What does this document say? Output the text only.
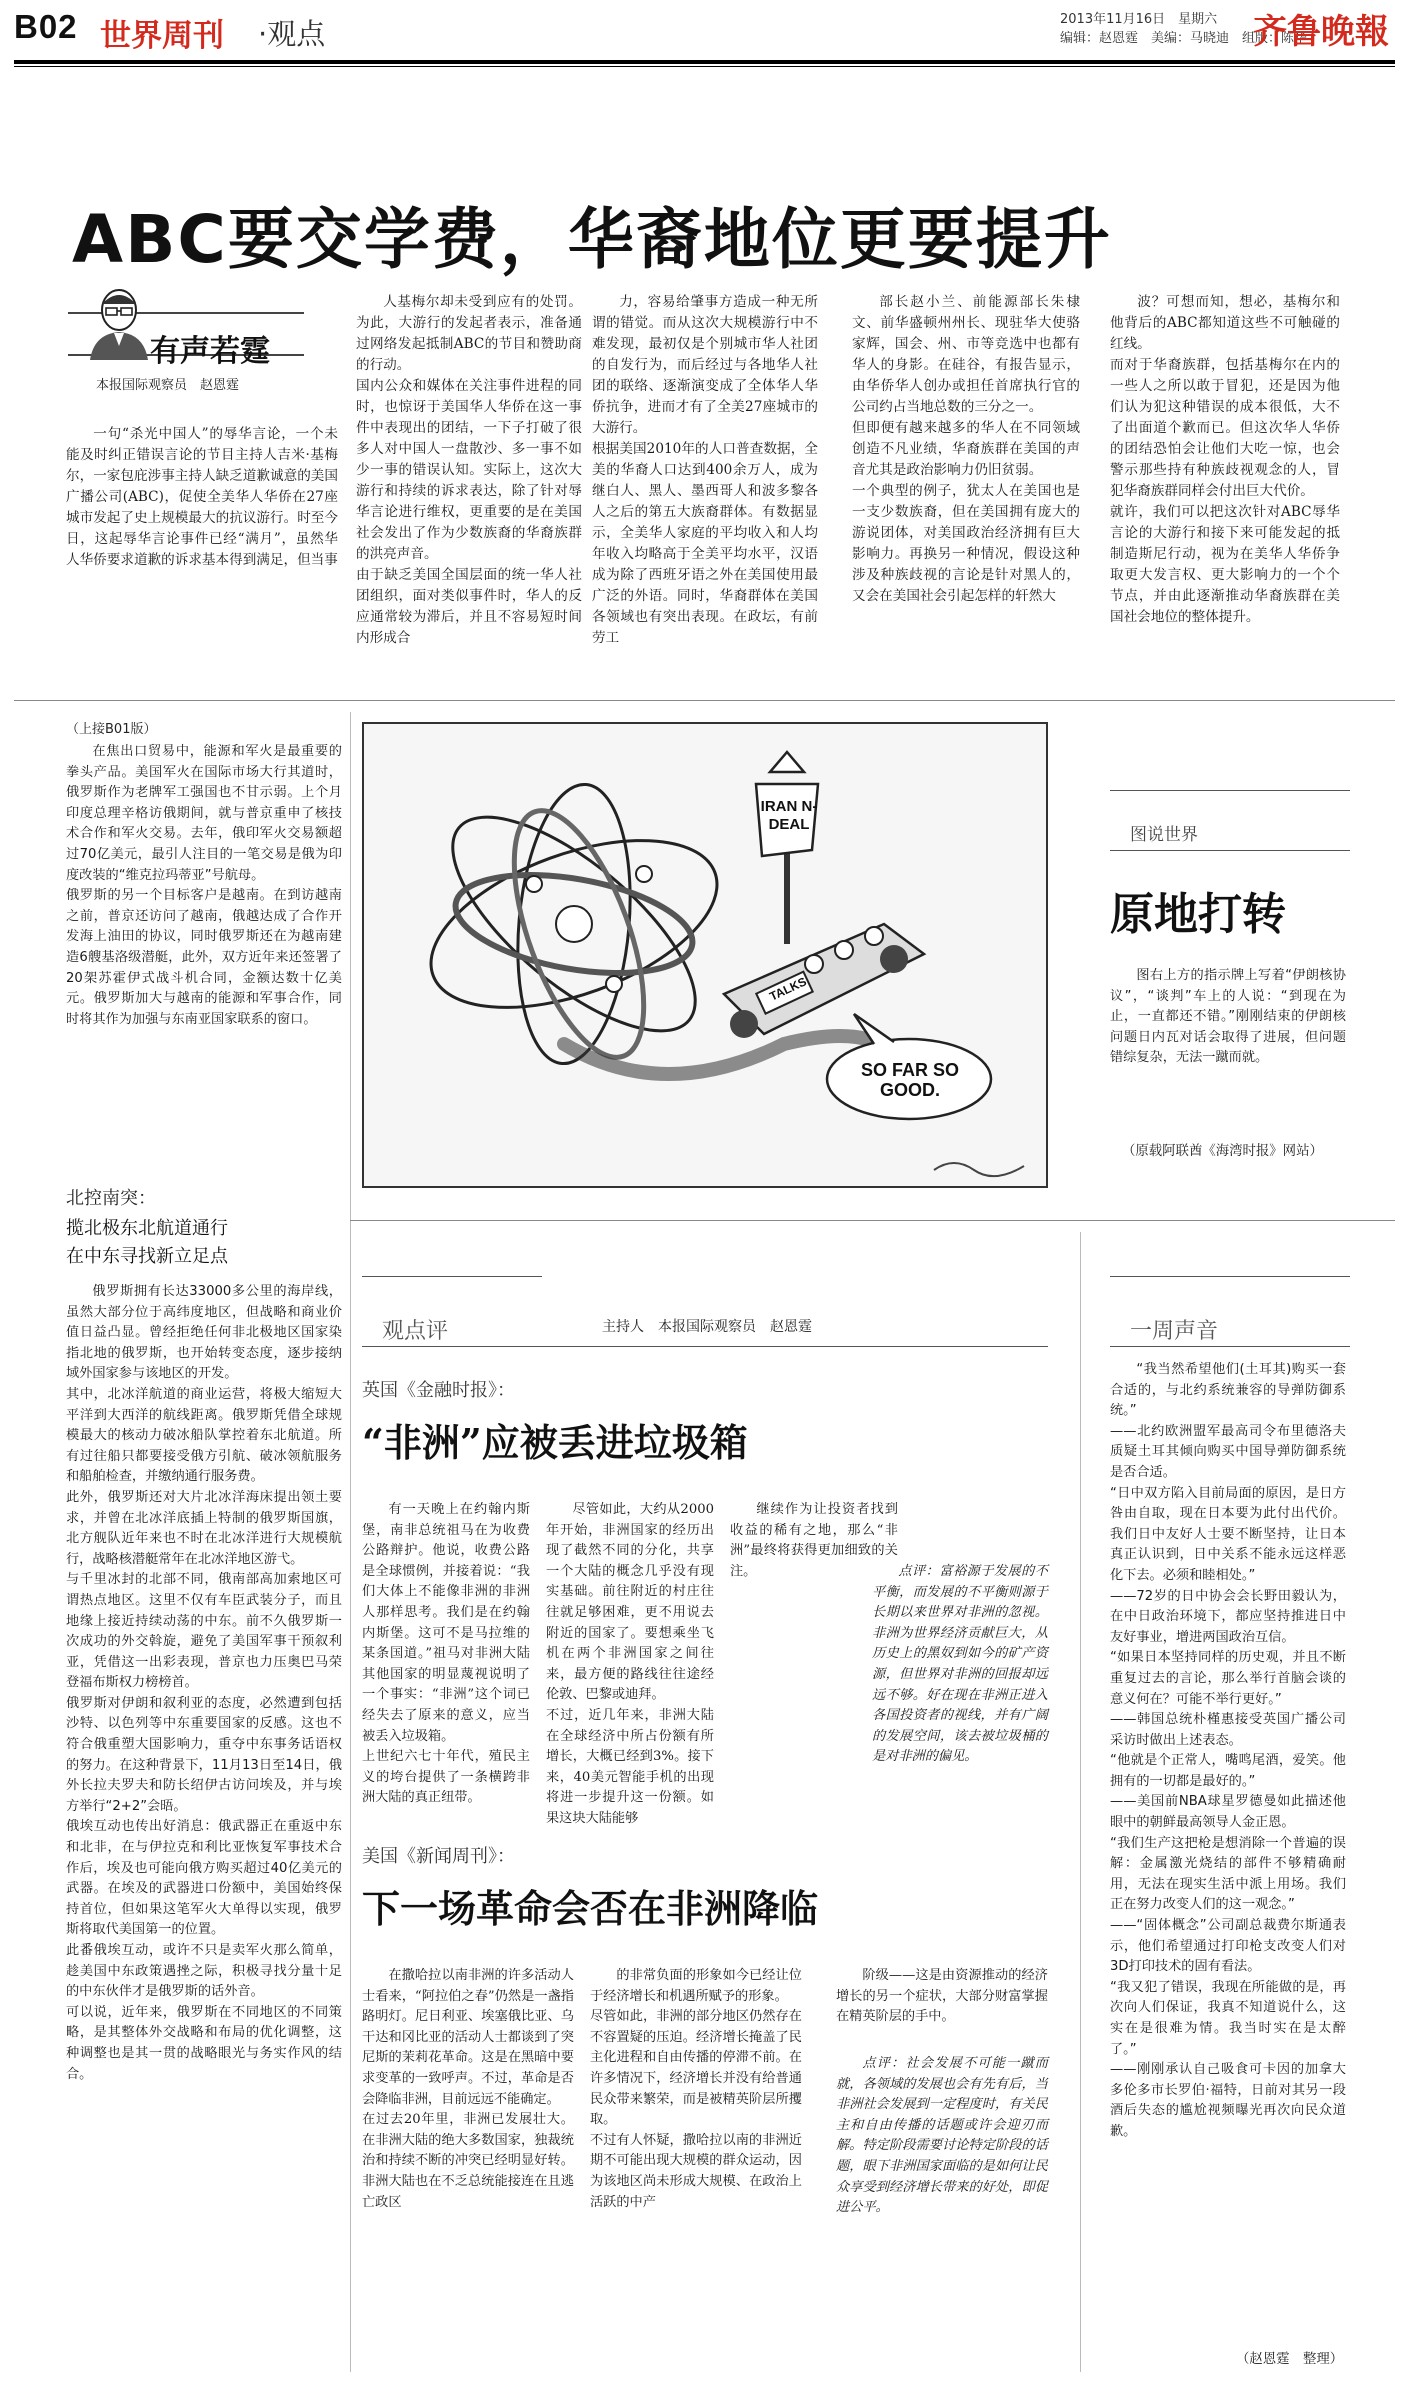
B02 世界周刊 ·观点	2013年11月16日　星期六
编辑：赵恩霆　美编：马晓迪　组版：陈华
齐鲁晚報
ABC要交学费，华裔地位更要提升
有声若霆
本报国际观察员　赵恩霆

一句“杀光中国人”的辱华言论，一个未能及时纠正错误言论的节目主持人吉米·基梅尔，一家包庇涉事主持人缺乏道歉诚意的美国广播公司(ABC)，促使全美华人华侨在27座城市发起了史上规模最大的抗议游行。时至今日，这起辱华言论事件已经“满月”，虽然华人华侨要求道歉的诉求基本得到满足，但当事

人基梅尔却未受到应有的处罚。为此，大游行的发起者表示，准备通过网络发起抵制ABC的节目和赞助商的行动。
国内公众和媒体在关注事件进程的同时，也惊讶于美国华人华侨在这一事件中表现出的团结，一下子打破了很多人对中国人一盘散沙、多一事不如少一事的错误认知。实际上，这次大游行和持续的诉求表达，除了针对辱华言论进行维权，更重要的是在美国社会发出了作为少数族裔的华裔族群的洪亮声音。
由于缺乏美国全国层面的统一华人社团组织，面对类似事件时，华人的反应通常较为滞后，并且不容易短时间内形成合
力，容易给肇事方造成一种无所谓的错觉。而从这次大规模游行中不难发现，最初仅是个别城市华人社团的自发行为，而后经过与各地华人社团的联络、逐渐演变成了全体华人华侨抗争，进而才有了全美27座城市的大游行。
根据美国2010年的人口普查数据，全美的华裔人口达到400余万人，成为继白人、黑人、墨西哥人和波多黎各人之后的第五大族裔群体。有数据显示，全美华人家庭的平均收入和人均年收入均略高于全美平均水平，汉语成为除了西班牙语之外在美国使用最广泛的外语。同时，华裔群体在美国各领域也有突出表现。在政坛，有前劳工
部长赵小兰、前能源部长朱棣文、前华盛顿州州长、现驻华大使骆家辉，国会、州、市等竞选中也都有华人的身影。在硅谷，有报告显示，由华侨华人创办或担任首席执行官的公司约占当地总数的三分之一。
但即便有越来越多的华人在不同领域创造不凡业绩，华裔族群在美国的声音尤其是政治影响力仍旧贫弱。
一个典型的例子，犹太人在美国也是一支少数族裔，但在美国拥有庞大的游说团体，对美国政治经济拥有巨大影响力。再换另一种情况，假设这种涉及种族歧视的言论是针对黑人的，又会在美国社会引起怎样的轩然大
波？可想而知，想必，基梅尔和他背后的ABC都知道这些不可触碰的红线。
而对于华裔族群，包括基梅尔在内的一些人之所以敢于冒犯，还是因为他们认为犯这种错误的成本很低，大不了出面道个歉而已。但这次华人华侨的团结恐怕会让他们大吃一惊，也会警示那些持有种族歧视观念的人，冒犯华裔族群同样会付出巨大代价。
就许，我们可以把这次针对ABC辱华言论的大游行和接下来可能发起的抵制造斯尼行动，视为在美华人华侨争取更大发言权、更大影响力的一个个节点，并由此逐渐推动华裔族群在美国社会地位的整体提升。
（上接B01版）
在焦出口贸易中，能源和军火是最重要的拳头产品。美国军火在国际市场大行其道时，俄罗斯作为老牌军工强国也不甘示弱。上个月印度总理辛格访俄期间，就与普京重申了核技术合作和军火交易。去年，俄印军火交易额超过70亿美元，最引人注目的一笔交易是俄为印度改装的“维克拉玛蒂亚”号航母。
俄罗斯的另一个目标客户是越南。在到访越南之前，普京还访问了越南，俄越达成了合作开发海上油田的协议，同时俄罗斯还在为越南建造6艘基洛级潜艇，此外，双方近年来还签署了20架苏霍伊式战斗机合同，金额达数十亿美元。俄罗斯加大与越南的能源和军事合作，同时将其作为加强与东南亚国家联系的窗口。
北控南突：
揽北极东北航道通行
在中东寻找新立足点
俄罗斯拥有长达33000多公里的海岸线，虽然大部分位于高纬度地区，但战略和商业价值日益凸显。曾经拒绝任何非北极地区国家染指北地的俄罗斯，也开始转变态度，逐步接纳域外国家参与该地区的开发。
其中，北冰洋航道的商业运营，将极大缩短大平洋到大西洋的航线距离。俄罗斯凭借全球规模最大的核动力破冰船队掌控着东北航道。所有过往船只都要接受俄方引航、破冰领航服务和船舶检查，并缴纳通行服务费。
此外，俄罗斯还对大片北冰洋海床提出领土要求，并曾在北冰洋底插上特制的俄罗斯国旗，北方舰队近年来也不时在北冰洋进行大规模航行，战略核潜艇常年在北冰洋地区游弋。
与千里冰封的北部不同，俄南部高加索地区可谓热点地区。这里不仅有车臣武装分子，而且地缘上接近持续动荡的中东。前不久俄罗斯一次成功的外交斡旋，避免了美国军事干预叙利亚，凭借这一出彩表现，普京也力压奥巴马荣登福布斯权力榜榜首。
俄罗斯对伊朗和叙利亚的态度，必然遭到包括沙特、以色列等中东重要国家的反感。这也不符合俄重塑大国影响力，重夺中东事务话语权的努力。在这种背景下，11月13日至14日，俄外长拉夫罗夫和防长绍伊古访问埃及，并与埃方举行“2+2”会晤。
俄埃互动也传出好消息：俄武器正在重返中东和北非，在与伊拉克和利比亚恢复军事技术合作后，埃及也可能向俄方购买超过40亿美元的武器。在埃及的武器进口份额中，美国始终保持首位，但如果这笔军火大单得以实现，俄罗斯将取代美国第一的位置。
此番俄埃互动，或许不只是卖军火那么简单，趁美国中东政策遇挫之际，积极寻找分量十足的中东伙伴才是俄罗斯的话外音。
可以说，近年来，俄罗斯在不同地区的不同策略，是其整体外交战略和布局的优化调整，这种调整也是其一贯的战略眼光与务实作风的结合。
IRAN N-DEAL
TALKS
SO FAR SO GOOD.
图说世界
原地打转
图右上方的指示牌上写着“伊朗核协议”，“谈判”车上的人说：“到现在为止，一直都还不错。”刚刚结束的伊朗核问题日内瓦对话会取得了进展，但问题错综复杂，无法一蹴而就。
（原载阿联酋《海湾时报》网站）
观点评	主持人　本报国际观察员　赵恩霆
英国《金融时报》：
“非洲”应被丢进垃圾箱
有一天晚上在约翰内斯堡，南非总统祖马在为收费公路辩护。他说，收费公路是全球惯例，并接着说：“我们大体上不能像非洲的非洲人那样思考。我们是在约翰内斯堡。这可不是马拉维的某条国道。”祖马对非洲大陆其他国家的明显蔑视说明了一个事实：“非洲”这个词已经失去了原来的意义，应当被丢入垃圾箱。
上世纪六七十年代，殖民主义的垮台提供了一条横跨非洲大陆的真正纽带。
尽管如此，大约从2000年开始，非洲国家的经历出现了截然不同的分化，共享一个大陆的概念几乎没有现实基础。前往附近的村庄往往就足够困难，更不用说去附近的国家了。要想乘坐飞机在两个非洲国家之间往来，最方便的路线往往途经伦敦、巴黎或迪拜。
不过，近几年来，非洲大陆在全球经济中所占份额有所增长，大概已经到3%。接下来，40美元智能手机的出现将进一步提升这一份额。如果这块大陆能够
继续作为让投资者找到收益的稀有之地，那么“非洲”最终将获得更加细致的关注。	点评：富裕源于发展的不平衡，而发展的不平衡则源于长期以来世界对非洲的忽视。非洲为世界经济贡献巨大，从历史上的黑奴到如今的矿产资源，但世界对非洲的回报却远远不够。好在现在非洲正进入各国投资者的视线，并有广阔的发展空间，该去被垃圾桶的是对非洲的偏见。
美国《新闻周刊》：
下一场革命会否在非洲降临
在撒哈拉以南非洲的许多活动人士看来，“阿拉伯之春”仍然是一盏指路明灯。尼日利亚、埃塞俄比亚、乌干达和冈比亚的活动人士都谈到了突尼斯的茉莉花革命。这是在黑暗中要求变革的一致呼声。不过，革命是否会降临非洲，目前远远不能确定。
在过去20年里，非洲已发展壮大。在非洲大陆的绝大多数国家，独裁统治和持续不断的冲突已经明显好转。非洲大陆也在不乏总统能接连在且逃亡政区
的非常负面的形象如今已经让位于经济增长和机遇所赋予的形象。
尽管如此，非洲的部分地区仍然存在不容置疑的压迫。经济增长掩盖了民主化进程和自由传播的停滞不前。在许多情况下，经济增长并没有给普通民众带来繁荣，而是被精英阶层所攫取。
不过有人怀疑，撒哈拉以南的非洲近期不可能出现大规模的群众运动，因为该地区尚未形成大规模、在政治上活跃的中产
阶级——这是由资源推动的经济增长的另一个症状，大部分财富掌握在精英阶层的手中。
点评：社会发展不可能一蹴而就，各领域的发展也会有先有后，当非洲社会发展到一定程度时，有关民主和自由传播的话题或许会迎刃而解。特定阶段需要讨论特定阶段的话题，眼下非洲国家面临的是如何让民众享受到经济增长带来的好处，即促进公平。
一周声音
“我当然希望他们(土耳其)购买一套合适的，与北约系统兼容的导弹防御系统。”
——北约欧洲盟军最高司令布里德洛夫质疑土耳其倾向购买中国导弹防御系统是否合适。
“日中双方陷入目前局面的原因，是日方咎由自取，现在日本要为此付出代价。我们日中友好人士要不断坚持，让日本真正认识到，日中关系不能永远这样恶化下去。必须和睦相处。”
——72岁的日中协会会长野田毅认为，在中日政治环境下，都应坚持推进日中友好事业，增进两国政治互信。
“如果日本坚持同样的历史观，并且不断重复过去的言论，那么举行首脑会谈的意义何在？可能不举行更好。”
——韩国总统朴槿惠接受英国广播公司采访时做出上述表态。
“他就是个正常人，嘴鸣尾酒，爱笑。他拥有的一切都是最好的。”
——美国前NBA球星罗德曼如此描述他眼中的朝鲜最高领导人金正恩。
“我们生产这把枪是想消除一个普遍的误解：金属激光烧结的部件不够精确耐用，无法在现实生活中派上用场。我们正在努力改变人们的这一观念。”
——“固体概念”公司副总裁费尔斯通表示，他们希望通过打印枪支改变人们对3D打印技术的固有看法。
“我又犯了错误，我现在所能做的是，再次向人们保证，我真不知道说什么，这实在是很难为情。我当时实在是太醉了。”
——刚刚承认自己吸食可卡因的加拿大多伦多市长罗伯·福特，日前对其另一段酒后失态的尴尬视频曝光再次向民众道歉。
（赵恩霆　整理）
